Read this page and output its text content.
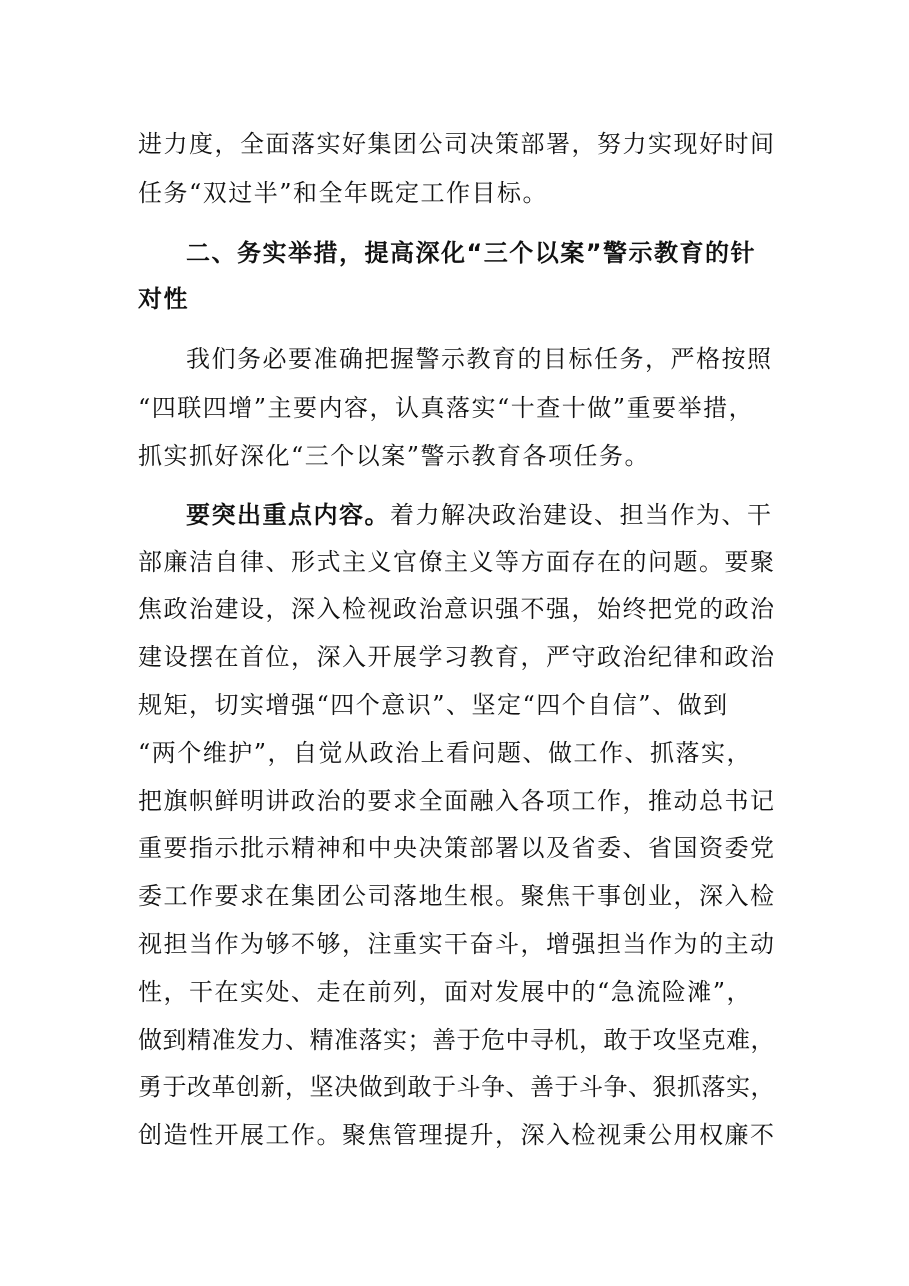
进力度，全面落实好集团公司决策部署，努力实现好时间
任务“双过半”和全年既定工作目标。
二、务实举措，提高深化“三个以案”警示教育的针
对性
我们务必要准确把握警示教育的目标任务，严格按照
“四联四增”主要内容，认真落实“十查十做”重要举措，
抓实抓好深化“三个以案”警示教育各项任务。
要突出重点内容。着力解决政治建设、担当作为、干
部廉洁自律、形式主义官僚主义等方面存在的问题。要聚
焦政治建设，深入检视政治意识强不强，始终把党的政治
建设摆在首位，深入开展学习教育，严守政治纪律和政治
规矩，切实增强“四个意识”、坚定“四个自信”、做到
“两个维护”，自觉从政治上看问题、做工作、抓落实，
把旗帜鲜明讲政治的要求全面融入各项工作，推动总书记
重要指示批示精神和中央决策部署以及省委、省国资委党
委工作要求在集团公司落地生根。聚焦干事创业，深入检
视担当作为够不够，注重实干奋斗，增强担当作为的主动
性，干在实处、走在前列，面对发展中的“急流险滩”，
做到精准发力、精准落实；善于危中寻机，敢于攻坚克难，
勇于改革创新，坚决做到敢于斗争、善于斗争、狠抓落实，
创造性开展工作。聚焦管理提升，深入检视秉公用权廉不
